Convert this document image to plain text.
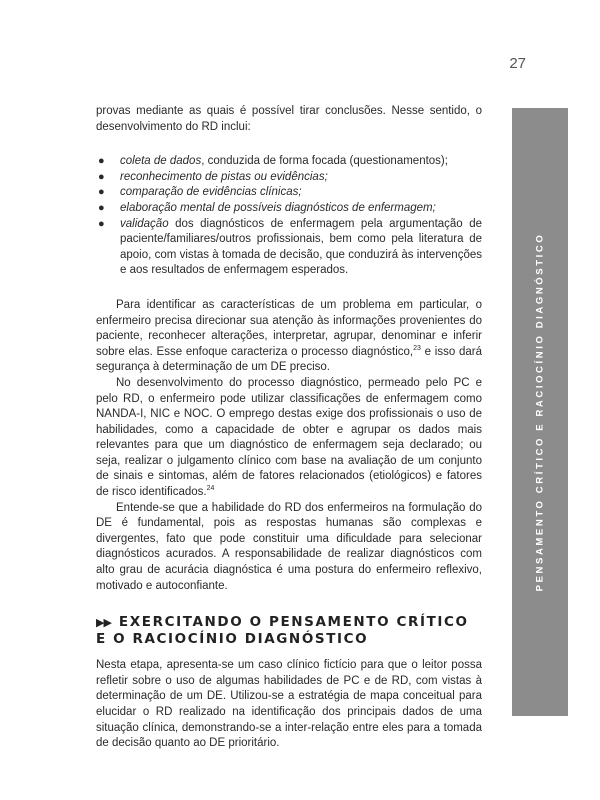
27
PENSAMENTO CRÍTICO E RACIOCÍNIO DIAGNÓSTICO

provas mediante as quais é possível tirar conclusões. Nesse sentido, o desenvolvimento do RD inclui:

● coleta de dados, conduzida de forma focada (questionamentos);
● reconhecimento de pistas ou evidências;
● comparação de evidências clínicas;
● elaboração mental de possíveis diagnósticos de enfermagem;
● validação dos diagnósticos de enfermagem pela argumentação de paciente/familiares/outros profissionais, bem como pela literatura de apoio, com vistas à tomada de decisão, que conduzirá às intervenções e aos resultados de enfermagem esperados.

Para identificar as características de um problema em particular, o enfermeiro precisa direcionar sua atenção às informações provenientes do paciente, reconhecer alterações, interpretar, agrupar, denominar e inferir sobre elas. Esse enfoque caracteriza o processo diagnóstico,$^{23}$ e isso dará segurança à determinação de um DE preciso.

No desenvolvimento do processo diagnóstico, permeado pelo PC e pelo RD, o enfermeiro pode utilizar classificações de enfermagem como NANDA-I, NIC e NOC. O emprego destas exige dos profissionais o uso de habilidades, como a capacidade de obter e agrupar os dados mais relevantes para que um diagnóstico de enfermagem seja declarado; ou seja, realizar o julgamento clínico com base na avaliação de um conjunto de sinais e sintomas, além de fatores relacionados (etiológicos) e fatores de risco identificados.$^{24}$

Entende-se que a habilidade do RD dos enfermeiros na formulação do DE é fundamental, pois as respostas humanas são complexas e divergentes, fato que pode constituir uma dificuldade para selecionar diagnósticos acurados. A responsabilidade de realizar diagnósticos com alto grau de acurácia diagnóstica é uma postura do enfermeiro reflexivo, motivado e autoconfiante.

▶▶ EXERCITANDO O PENSAMENTO CRÍTICO
E O RACIOCÍNIO DIAGNÓSTICO

Nesta etapa, apresenta-se um caso clínico fictício para que o leitor possa refletir sobre o uso de algumas habilidades de PC e de RD, com vistas à determinação de um DE. Utilizou-se a estratégia de mapa conceitual para elucidar o RD realizado na identificação dos principais dados de uma situação clínica, demonstrando-se a inter-relação entre eles para a tomada de decisão quanto ao DE prioritário.
